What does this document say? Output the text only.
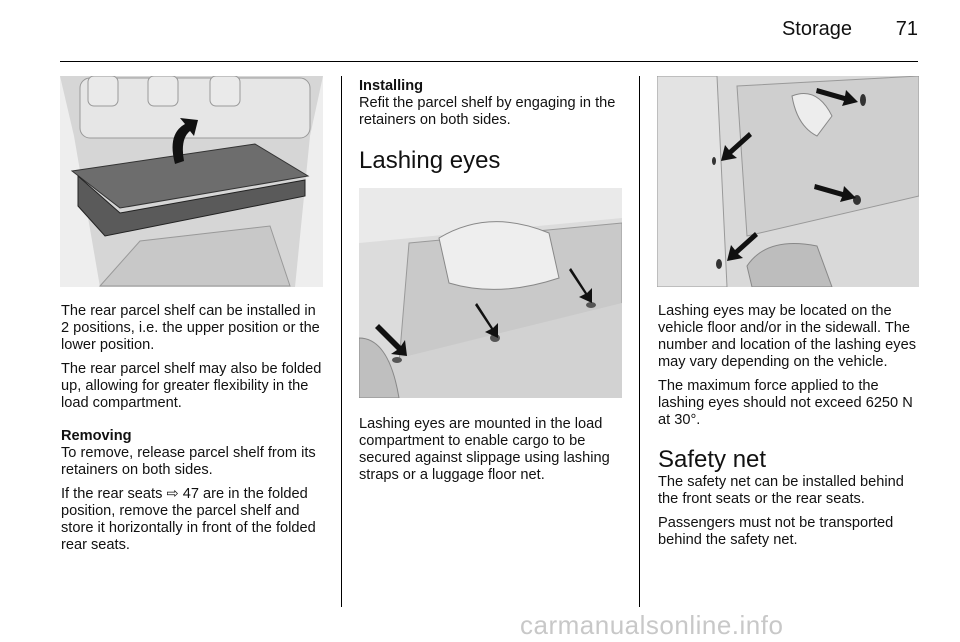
Storage	71

The rear parcel shelf can be installed in 2 positions, i.e. the upper position or the lower position.

The rear parcel shelf may also be folded up, allowing for greater flexibility in the load compartment.

Removing

To remove, release parcel shelf from its retainers on both sides.

If the rear seats ⇨ 47 are in the folded position, remove the parcel shelf and store it horizontally in front of the folded rear seats.

Installing

Refit the parcel shelf by engaging in the retainers on both sides.

Lashing eyes

Lashing eyes are mounted in the load compartment to enable cargo to be secured against slippage using lashing straps or a luggage floor net.

Lashing eyes may be located on the vehicle floor and/or in the sidewall. The number and location of the lashing eyes may vary depending on the vehicle.

The maximum force applied to the lashing eyes should not exceed 6250 N at 30°.

Safety net

The safety net can be installed behind the front seats or the rear seats.

Passengers must not be transported behind the safety net.

carmanualsonline.info
